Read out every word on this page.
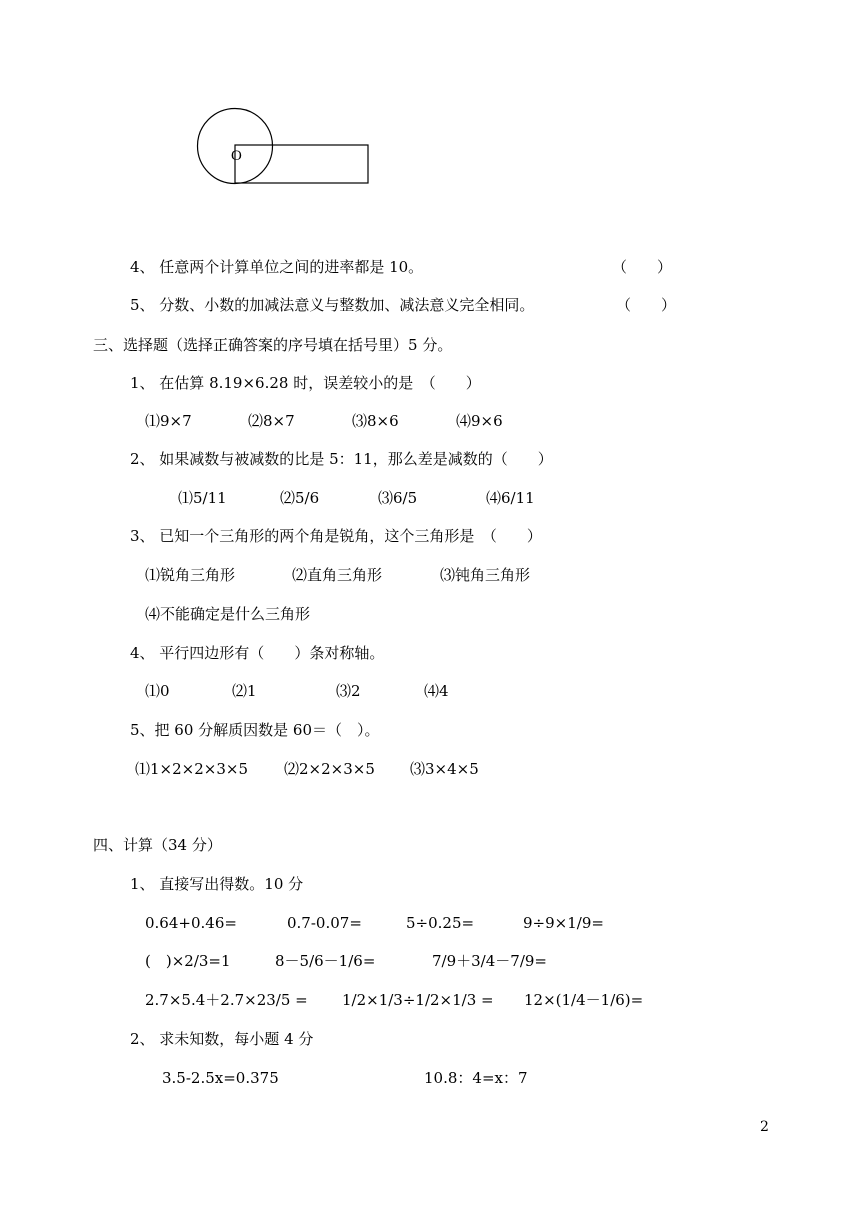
O
4、 任意两个计算单位之间的进率都是 10。	（　　）
5、 分数、小数的加减法意义与整数加、减法意义完全相同。	（　　）
三、选择题（选择正确答案的序号填在括号里）5 分。
1、 在估算 8.19×6.28 时，误差较小的是　（　　）
⑴9×7	⑵8×7	⑶8×6	⑷9×6
2、 如果减数与被减数的比是 5：11，那么差是减数的（　　）
⑴5/11	⑵5/6	⑶6/5	⑷6/11
3、 已知一个三角形的两个角是锐角，这个三角形是　（　　）
⑴锐角三角形	⑵直角三角形	⑶钝角三角形
⑷不能确定是什么三角形
4、 平行四边形有（　　）条对称轴。
⑴0	⑵1	⑶2	⑷4
5、把 60 分解质因数是 60＝（　）。
⑴1×2×2×3×5 ⑵2×2×3×5 ⑶3×4×5
四、计算（34 分）
1、 直接写出得数。10 分
0.64+0.46=	0.7-0.07=	5÷0.25=	9÷9×1/9=
(　)×2/3=1	8－5/6－1/6=	7/9＋3/4－7/9=
2.7×5.4＋2.7×23/5 = 1/2×1/3÷1/2×1/3 = 12×(1/4－1/6)=
2、 求未知数，每小题 4 分
3.5-2.5x=0.375	10.8：4=x：7
2
